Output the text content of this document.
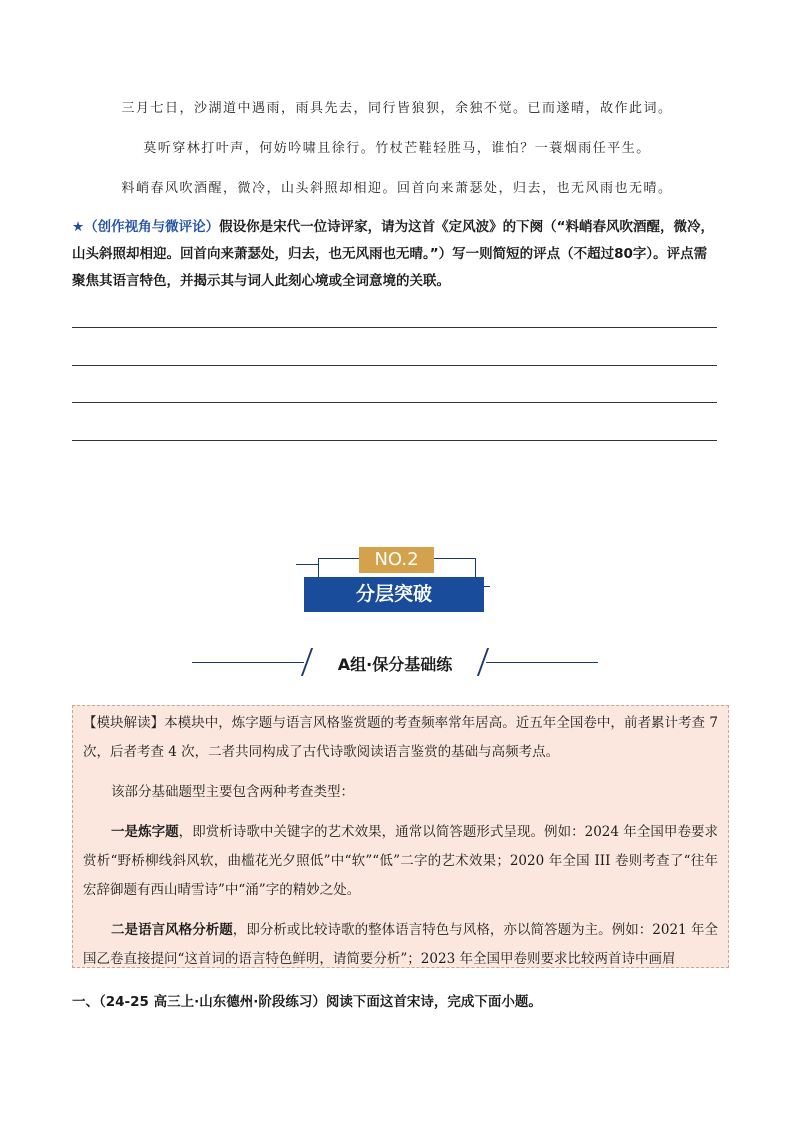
三月七日，沙湖道中遇雨，雨具先去，同行皆狼狈，余独不觉。已而遂晴，故作此词。
莫听穿林打叶声，何妨吟啸且徐行。竹杖芒鞋轻胜马，谁怕？一蓑烟雨任平生。
料峭春风吹酒醒，微冷，山头斜照却相迎。回首向来萧瑟处，归去，也无风雨也无晴。
★（创作视角与微评论）假设你是宋代一位诗评家，请为这首《定风波》的下阕（“料峭春风吹酒醒，微冷，山头斜照却相迎。回首向来萧瑟处，归去，也无风雨也无晴。”）写一则简短的评点（不超过80字）。评点需聚焦其语言特色，并揭示其与词人此刻心境或全词意境的关联。
NO.2
分层突破
A组·保分基础练

【模块解读】本模块中，炼字题与语言风格鉴赏题的考查频率常年居高。近五年全国卷中，前者累计考查 7 次，后者考查 4 次，二者共同构成了古代诗歌阅读语言鉴赏的基础与高频考点。

该部分基础题型主要包含两种考查类型：

一是炼字题，即赏析诗歌中关键字的艺术效果，通常以简答题形式呈现。例如：2024 年全国甲卷要求赏析“野桥柳线斜风软，曲槛花光夕照低”中“软”“低”二字的艺术效果；2020 年全国 III 卷则考查了“往年宏辞御题有西山晴雪诗”中“涌”字的精妙之处。

二是语言风格分析题，即分析或比较诗歌的整体语言特色与风格，亦以简答题为主。例如：2021 年全国乙卷直接提问“这首词的语言特色鲜明，请简要分析”；2023 年全国甲卷则要求比较两首诗中画眉

一、（24-25 高三上·山东德州·阶段练习）阅读下面这首宋诗，完成下面小题。
